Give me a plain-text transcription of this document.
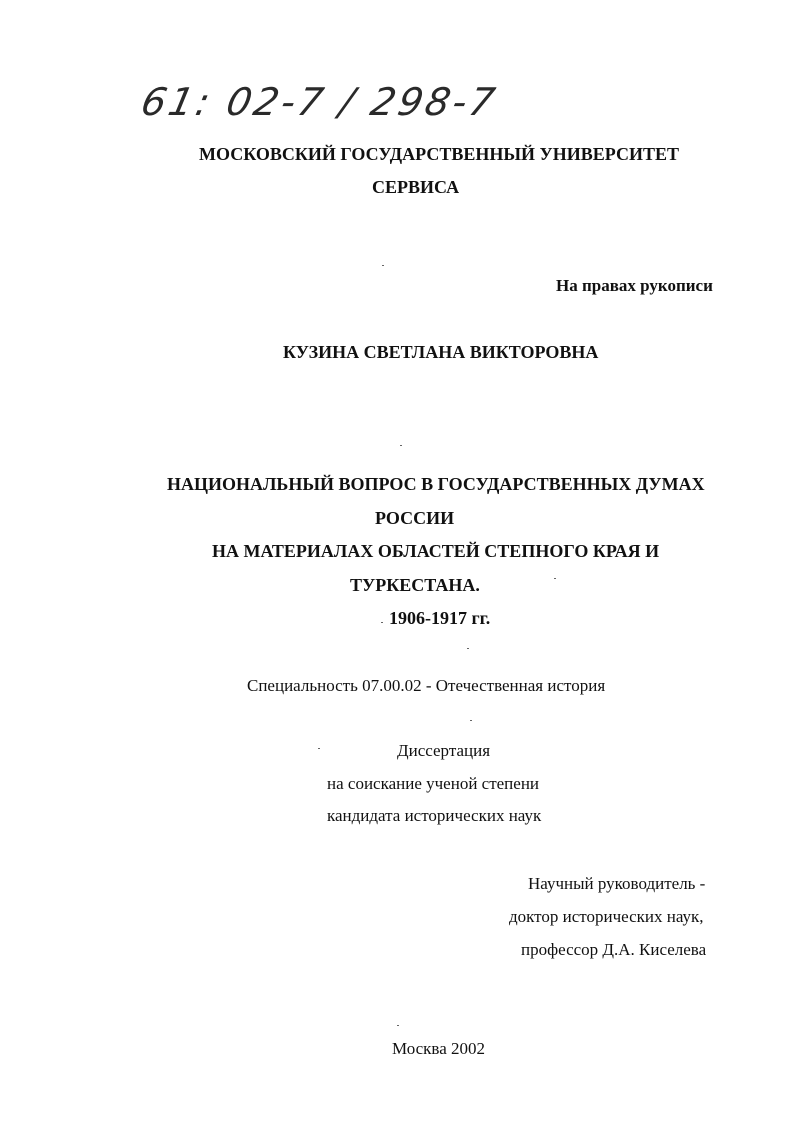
61: 02-7 / 298-7
МОСКОВСКИЙ ГОСУДАРСТВЕННЫЙ УНИВЕРСИТЕТ
СЕРВИСА
На правах рукописи
КУЗИНА СВЕТЛАНА ВИКТОРОВНА
НАЦИОНАЛЬНЫЙ ВОПРОС В ГОСУДАРСТВЕННЫХ ДУМАХ
РОССИИ
НА МАТЕРИАЛАХ ОБЛАСТЕЙ СТЕПНОГО КРАЯ И
ТУРКЕСТАНА.
1906-1917 гг.
Специальность 07.00.02 - Отечественная история
Диссертация
на соискание ученой степени
кандидата исторических наук
Научный руководитель -
доктор исторических наук,
профессор Д.А. Киселева
Москва 2002
